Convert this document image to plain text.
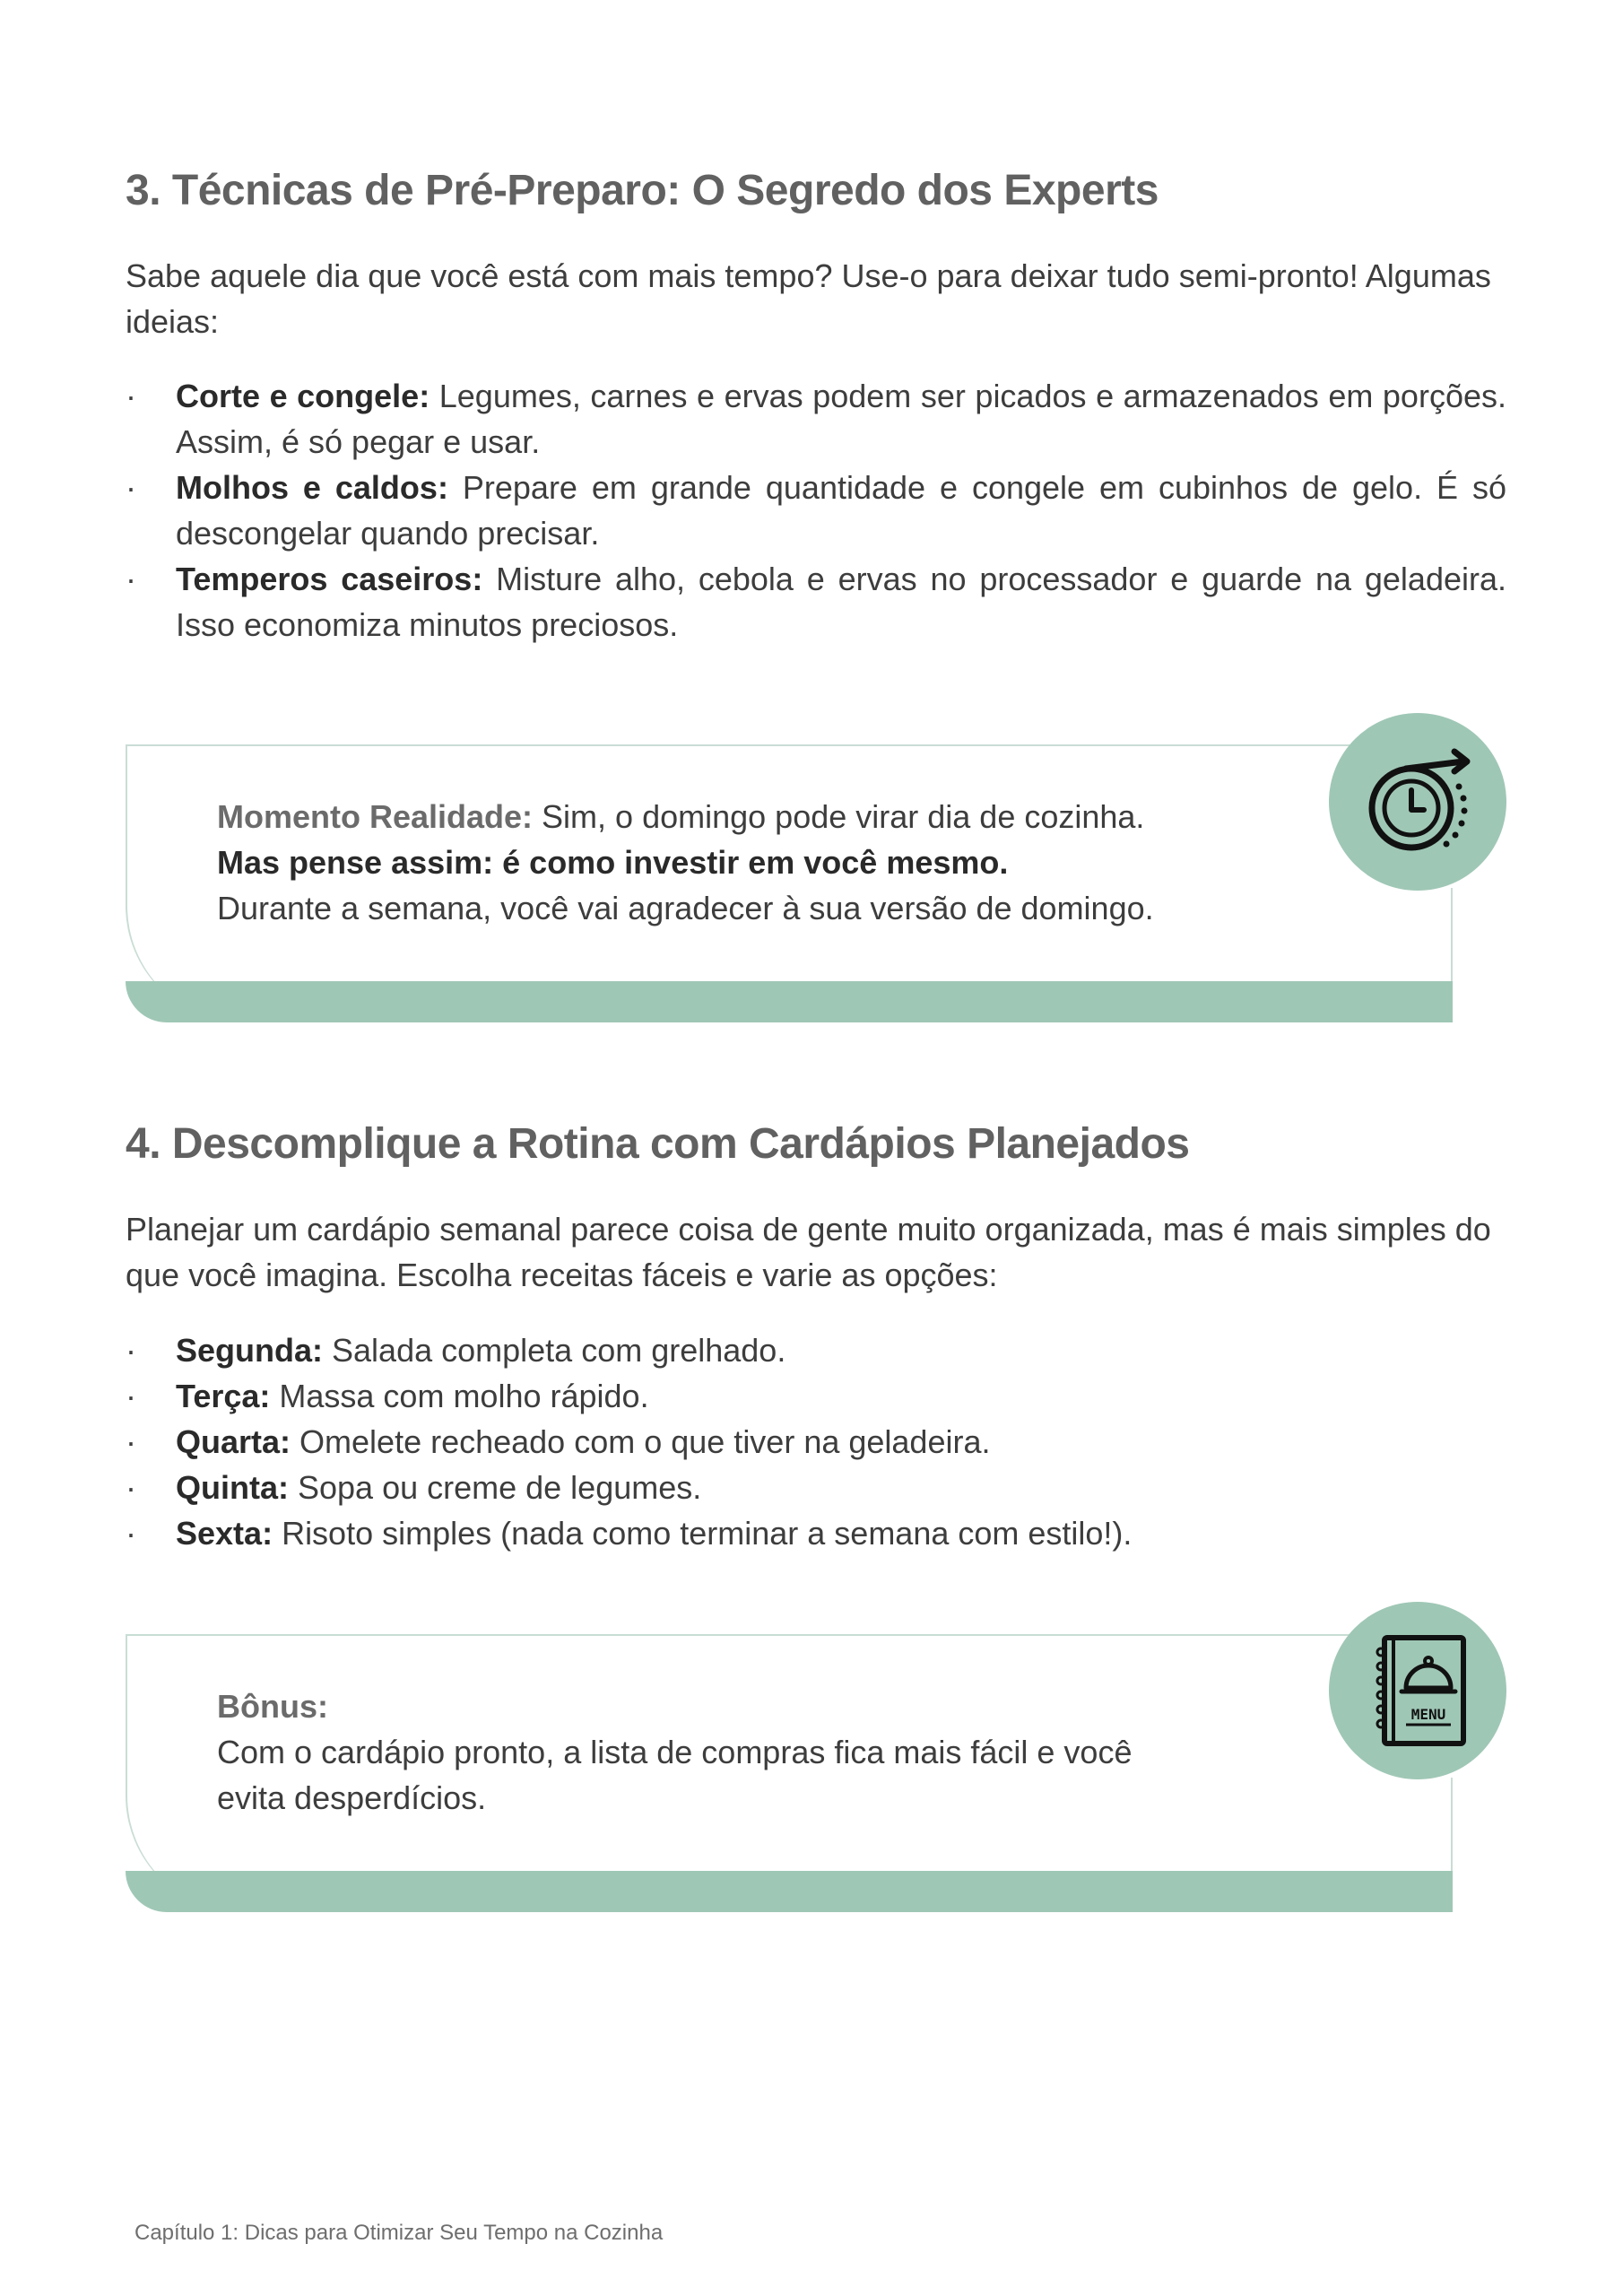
3. Técnicas de Pré-Preparo: O Segredo dos Experts

Sabe aquele dia que você está com mais tempo? Use-o para deixar tudo semi-pronto! Algumas ideias:

· Corte e congele: Legumes, carnes e ervas podem ser picados e armazenados em porções. Assim, é só pegar e usar.
· Molhos e caldos: Prepare em grande quantidade e congele em cubinhos de gelo. É só descongelar quando precisar.
· Temperos caseiros: Misture alho, cebola e ervas no processador e guarde na geladeira. Isso economiza minutos preciosos.
Momento Realidade: Sim, o domingo pode virar dia de cozinha.
Mas pense assim: é como investir em você mesmo.
Durante a semana, você vai agradecer à sua versão de domingo.
4. Descomplique a Rotina com Cardápios Planejados

Planejar um cardápio semanal parece coisa de gente muito organizada, mas é mais simples do que você imagina. Escolha receitas fáceis e varie as opções:

· Segunda: Salada completa com grelhado.
· Terça: Massa com molho rápido.
· Quarta: Omelete recheado com o que tiver na geladeira.
· Quinta: Sopa ou creme de legumes.
· Sexta: Risoto simples (nada como terminar a semana com estilo!).
Bônus:
Com o cardápio pronto, a lista de compras fica mais fácil e você
evita desperdícios.
MENU
Capítulo 1: Dicas para Otimizar Seu Tempo na Cozinha
